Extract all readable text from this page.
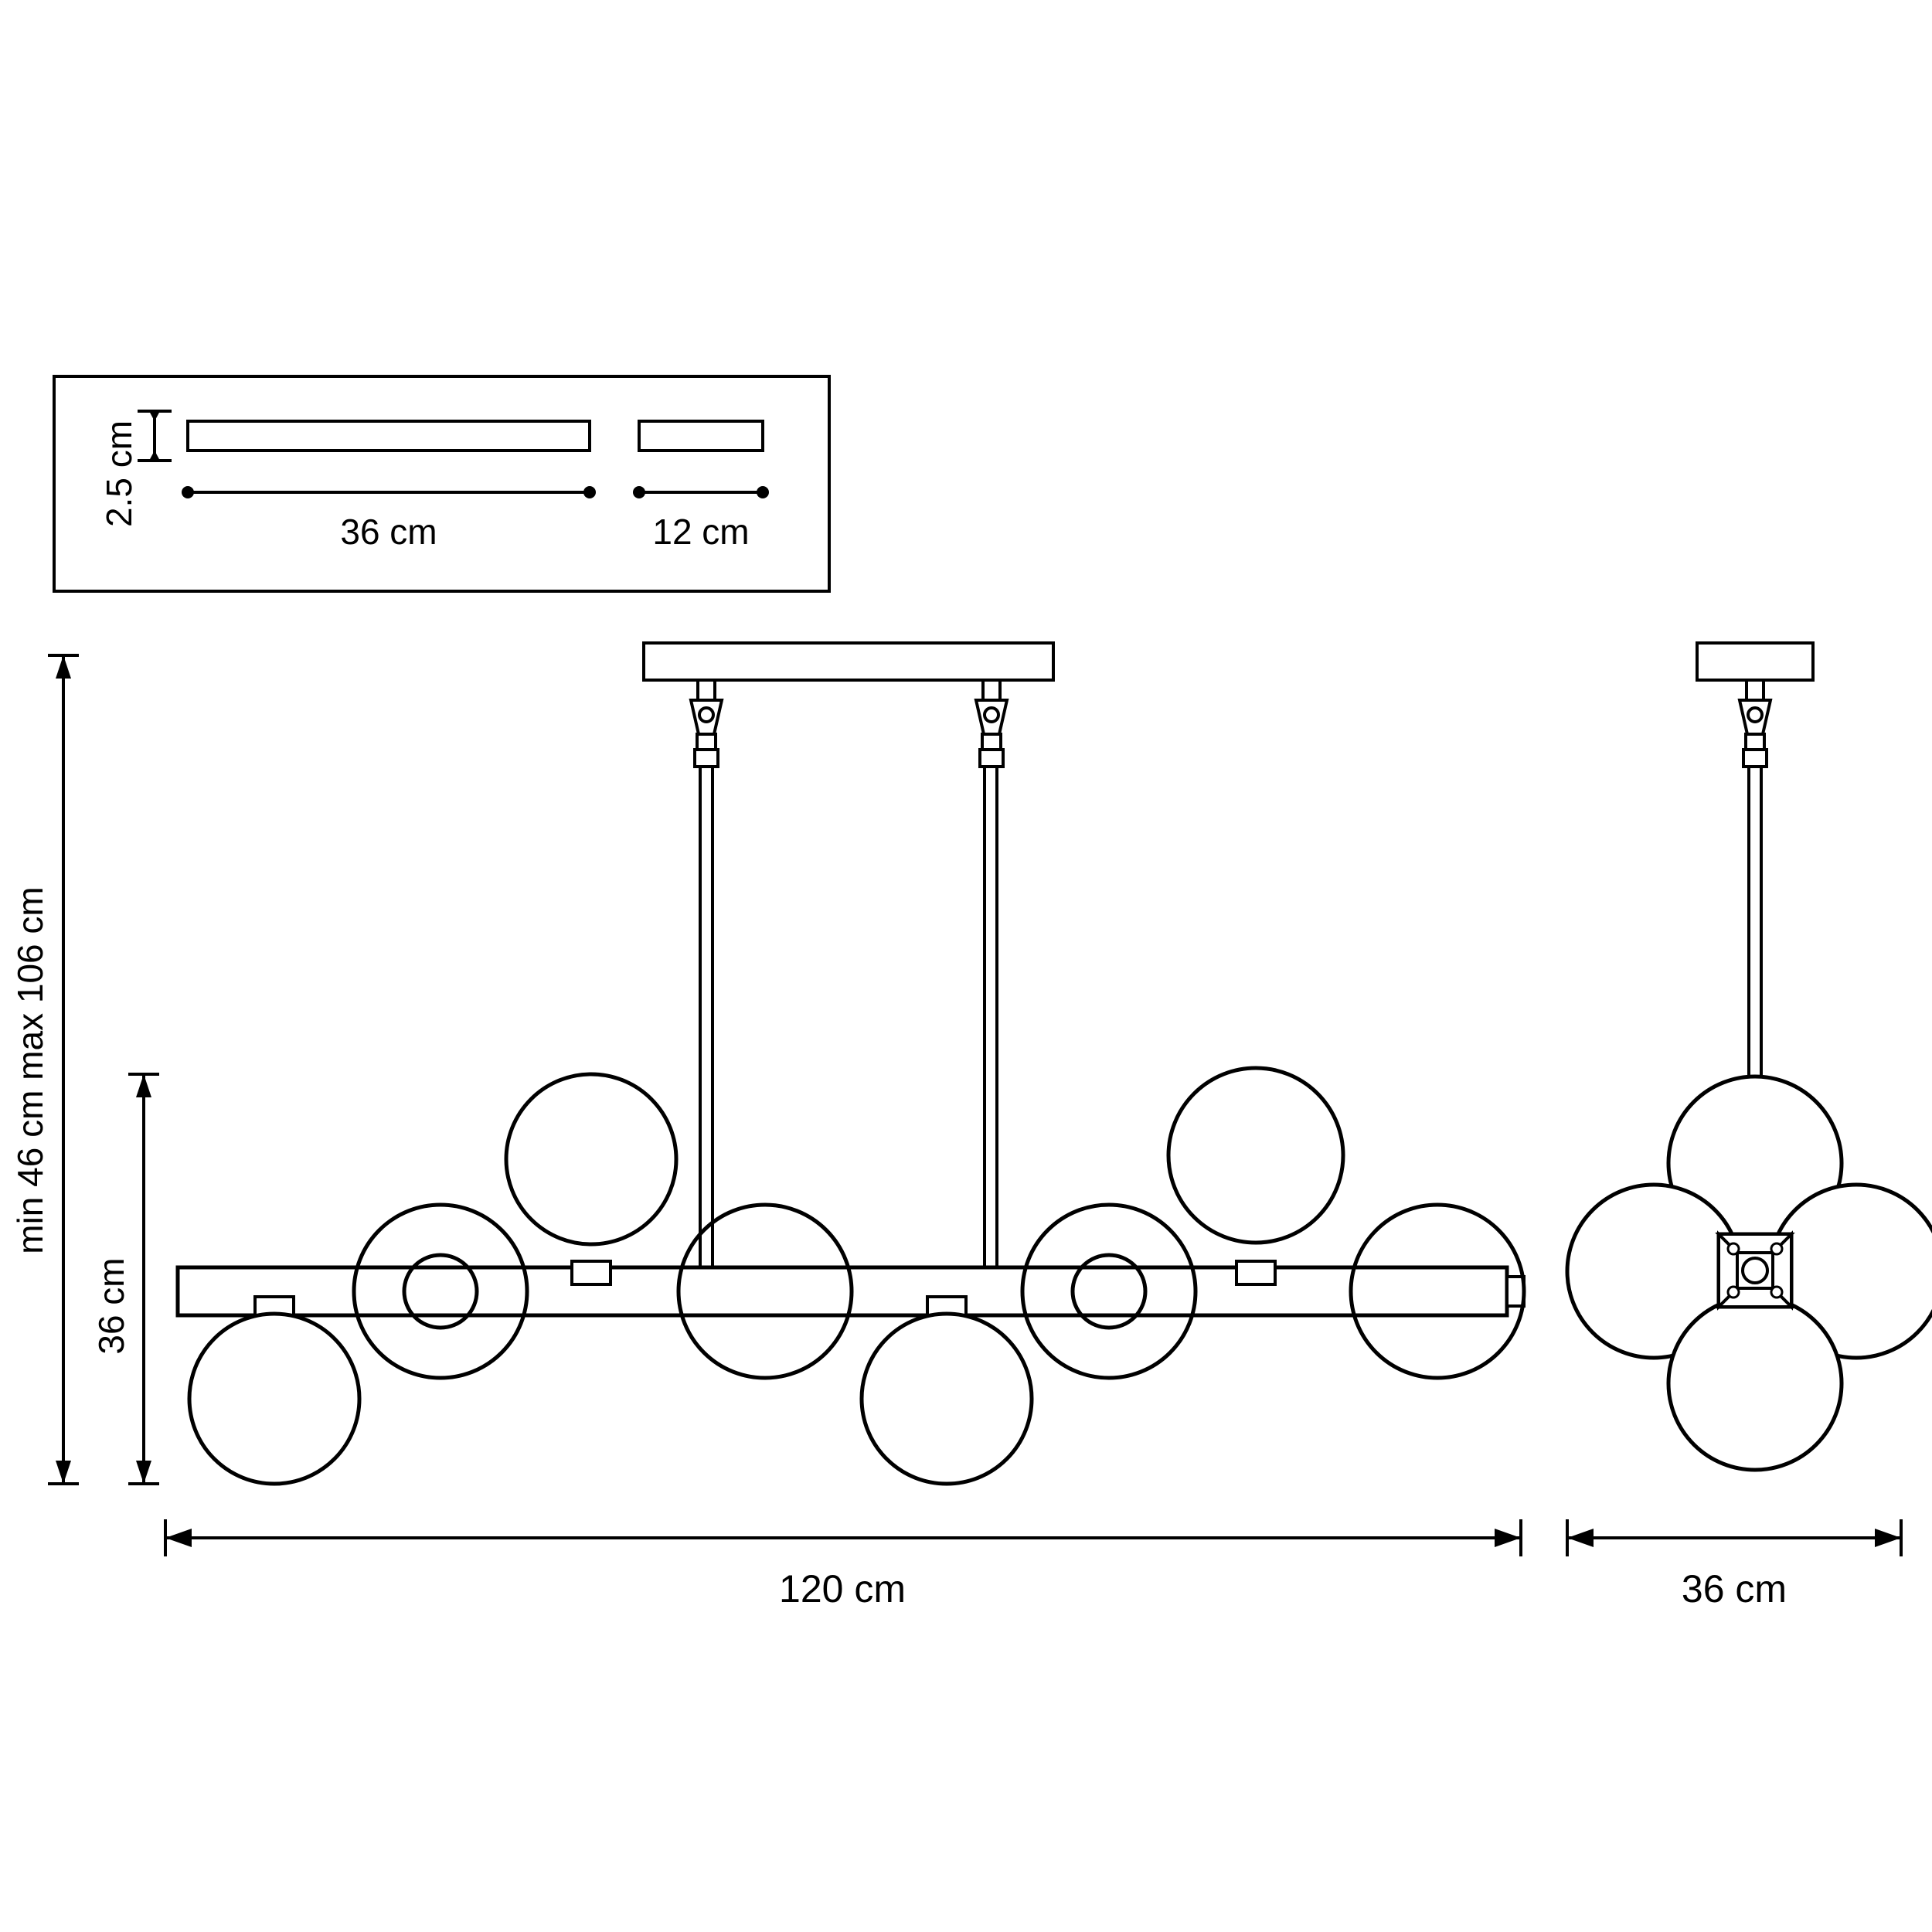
2.5 cm
36 cm	12 cm
min 46 cm max 106 cm
36 cm
120 cm	36 cm
